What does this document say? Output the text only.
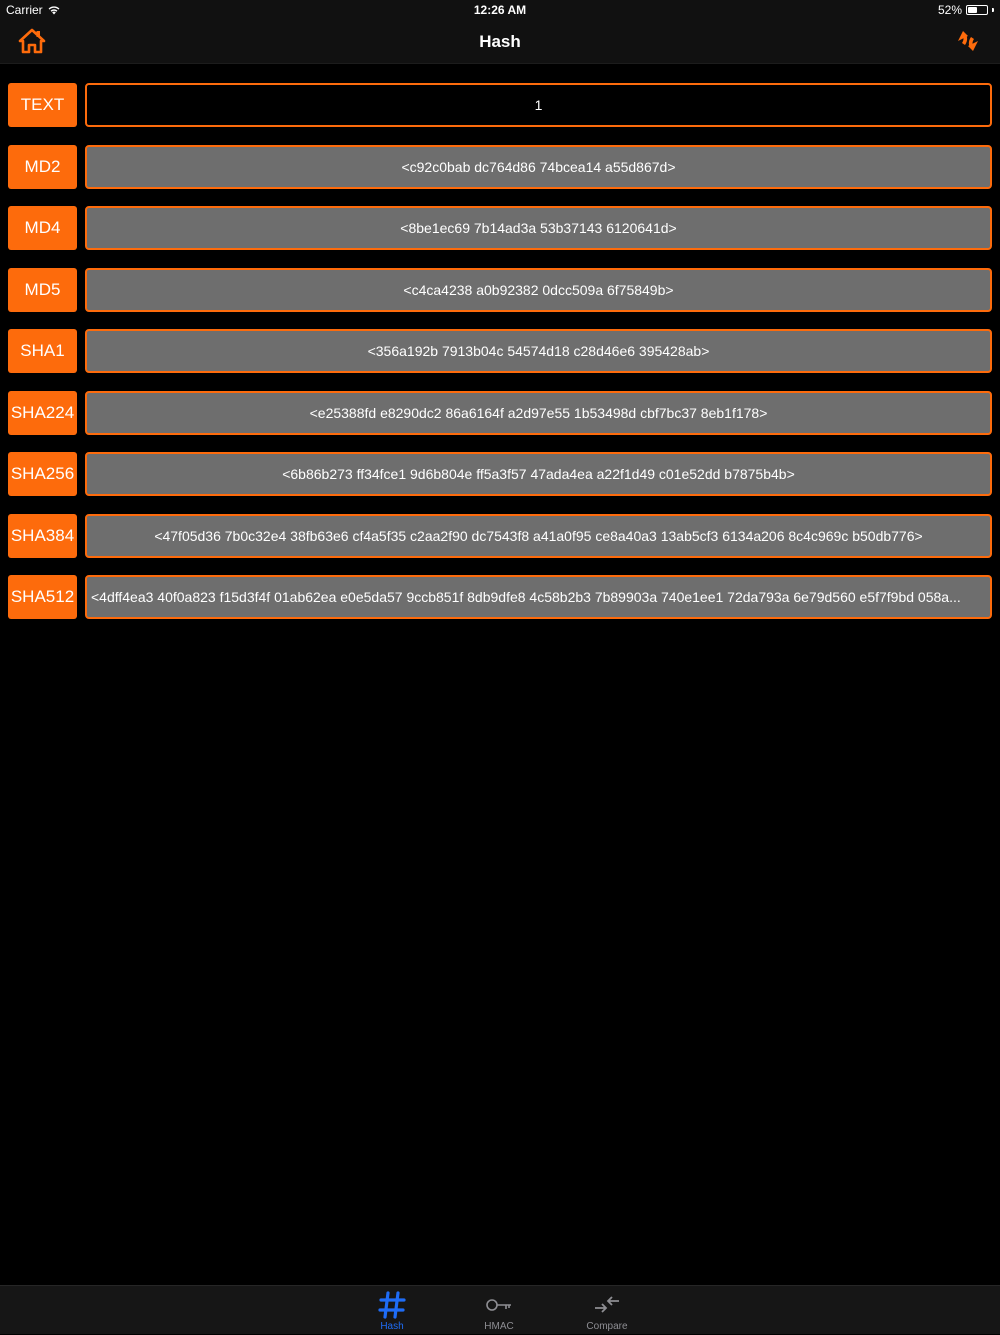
Carrier	12:26 AM	52%
Hash
TEXT	1
MD2	<c92c0bab dc764d86 74bcea14 a55d867d>
MD4	<8be1ec69 7b14ad3a 53b37143 6120641d>
MD5	<c4ca4238 a0b92382 0dcc509a 6f75849b>
SHA1	<356a192b 7913b04c 54574d18 c28d46e6 395428ab>
SHA224	<e25388fd e8290dc2 86a6164f a2d97e55 1b53498d cbf7bc37 8eb1f178>
SHA256	<6b86b273 ff34fce1 9d6b804e ff5a3f57 47ada4ea a22f1d49 c01e52dd b7875b4b>
SHA384	<47f05d36 7b0c32e4 38fb63e6 cf4a5f35 c2aa2f90 dc7543f8 a41a0f95 ce8a40a3 13ab5cf3 6134a206 8c4c969c b50db776>
SHA512 <4dff4ea3 40f0a823 f15d3f4f 01ab62ea e0e5da57 9ccb851f 8db9dfe8 4c58b2b3 7b89903a 740e1ee1 72da793a 6e79d560 e5f7f9bd 058a...
Hash	HMAC	Compare
